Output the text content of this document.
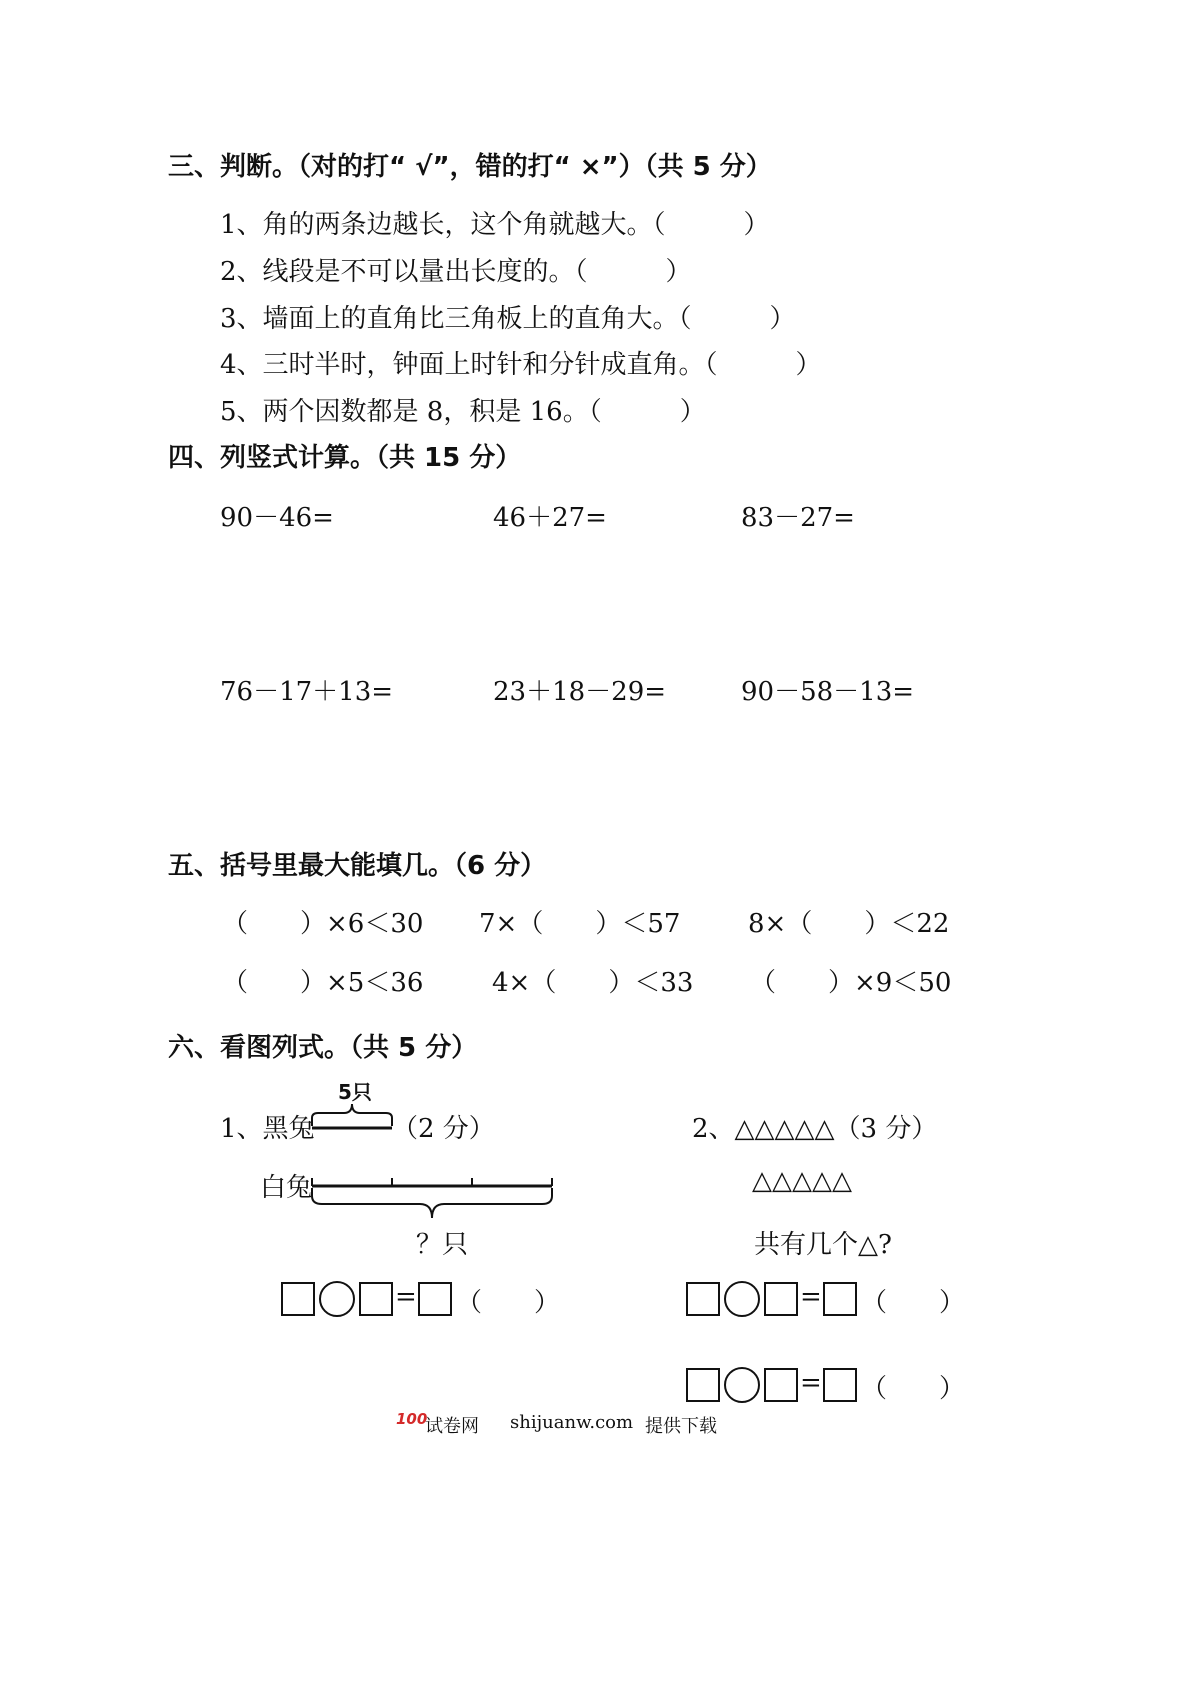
三、判断。（对的打“ √”，错的打“ ×”）（共 5 分）
1、角的两条边越长，这个角就越大。（　　　）
2、线段是不可以量出长度的。（　　　）
3、墙面上的直角比三角板上的直角大。（　　　）
4、三时半时，钟面上时针和分针成直角。（　　　）
5、两个因数都是 8，积是 16。（　　　）
四、列竖式计算。（共 15 分）
90－46=	46＋27=	83－27=
76－17＋13=	23＋18－29=	90－58－13=
五、括号里最大能填几。（6 分）
（　　）×6＜30 7×（　　）＜57	8×（　　）＜22
（　　）×5＜36	4×（　　）＜33 （　　）×9＜50
六、看图列式。（共 5 分）
5只
1、黑兔	（2 分）
白兔
？只
= （　　）
2、△△△△△（3 分）
△△△△△
共有几个△?
= （　　）
= （　　）
100
试卷网 shijuanw.com 提供下载
